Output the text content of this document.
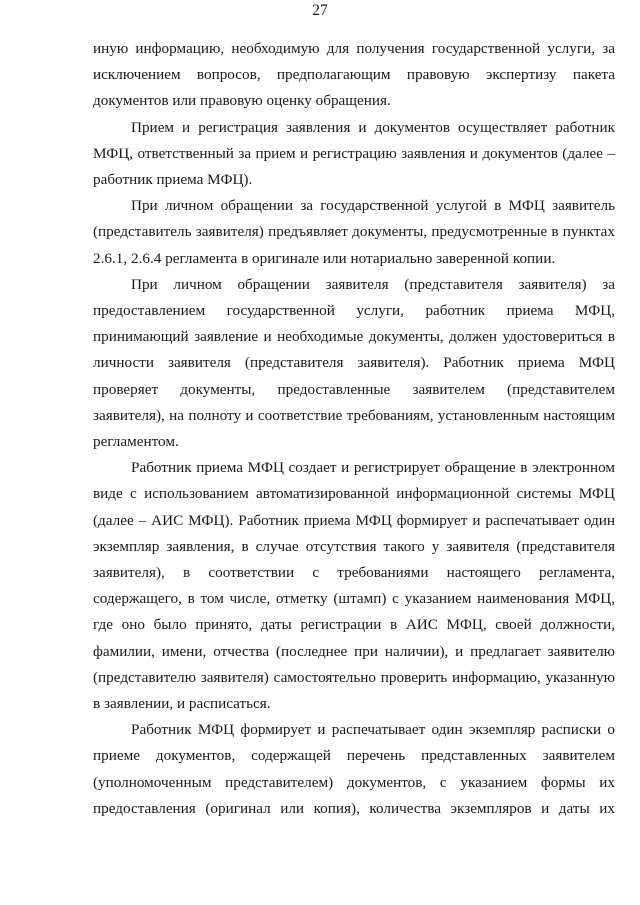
27

иную информацию, необходимую для получения государственной услуги, за исключением вопросов, предполагающим правовую экспертизу пакета документов или правовую оценку обращения.

Прием и регистрация заявления и документов осуществляет работник МФЦ, ответственный за прием и регистрацию заявления и документов (далее – работник приема МФЦ).

При личном обращении за государственной услугой в МФЦ заявитель (представитель заявителя) предъявляет документы, предусмотренные в пунктах 2.6.1, 2.6.4 регламента в оригинале или нотариально заверенной копии.

При личном обращении заявителя (представителя заявителя) за предоставлением государственной услуги, работник приема МФЦ, принимающий заявление и необходимые документы, должен удостовериться в личности заявителя (представителя заявителя). Работник приема МФЦ проверяет документы, предоставленные заявителем (представителем заявителя), на полноту и соответствие требованиям, установленным настоящим регламентом.

Работник приема МФЦ создает и регистрирует обращение в электронном виде с использованием автоматизированной информационной системы МФЦ (далее – АИС МФЦ). Работник приема МФЦ формирует и распечатывает один экземпляр заявления, в случае отсутствия такого у заявителя (представителя заявителя), в соответствии с требованиями настоящего регламента, содержащего, в том числе, отметку (штамп) с указанием наименования МФЦ, где оно было принято, даты регистрации в АИС МФЦ, своей должности, фамилии, имени, отчества (последнее при наличии), и предлагает заявителю (представителю заявителя) самостоятельно проверить информацию, указанную в заявлении, и расписаться.

Работник МФЦ формирует и распечатывает один экземпляр расписки о приеме документов, содержащей перечень представленных заявителем (уполномоченным представителем) документов, с указанием формы их предоставления (оригинал или копия), количества экземпляров и даты их
